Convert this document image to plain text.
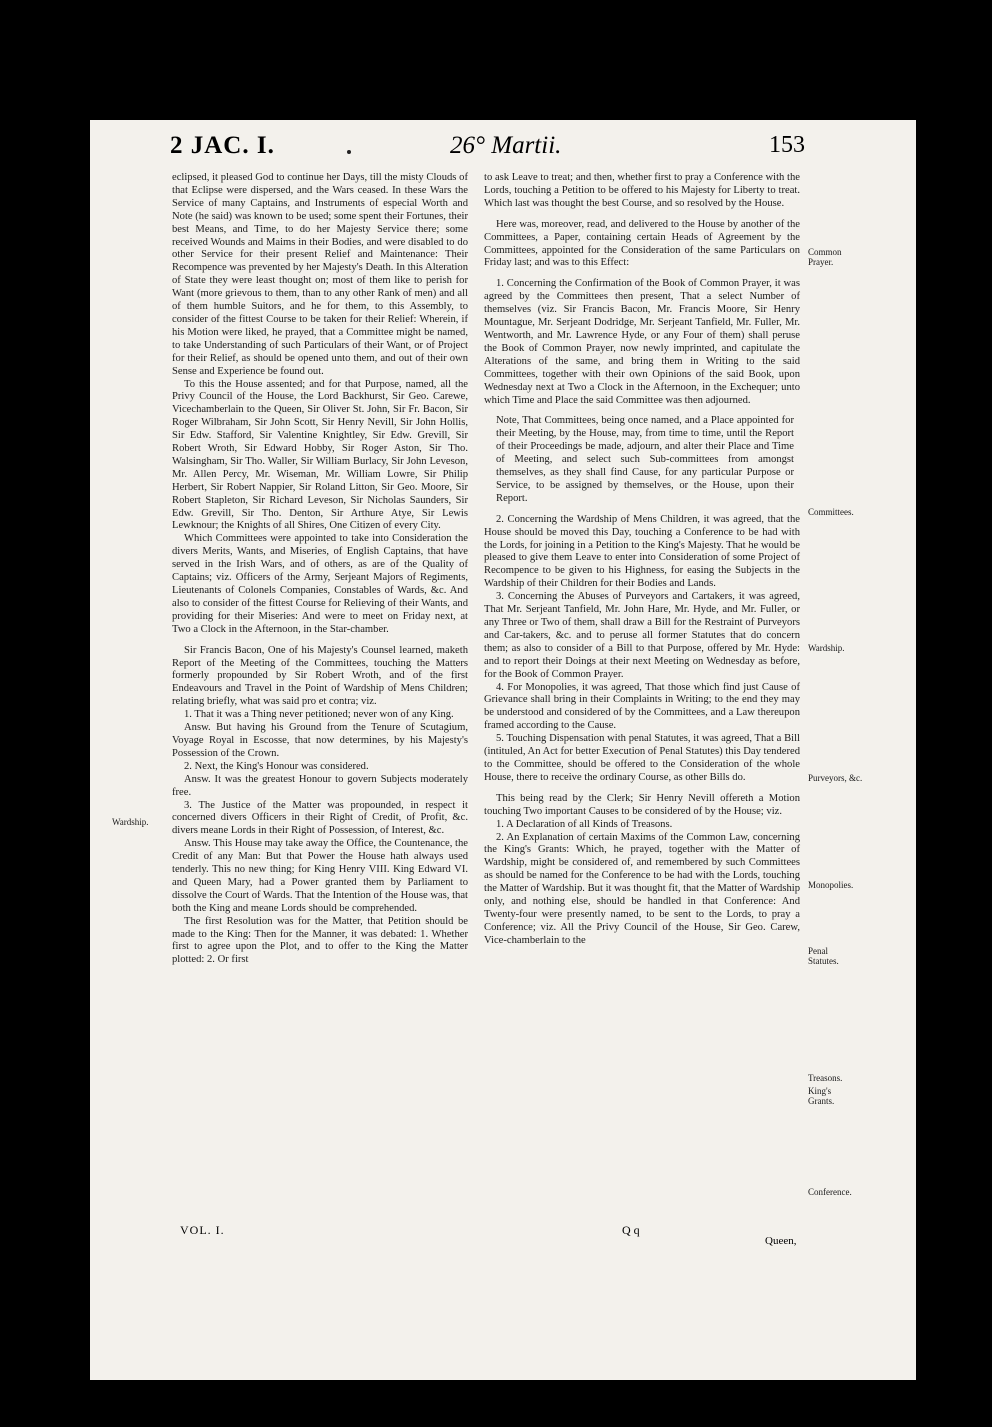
2 JAC. I.	26° Martii.	153

eclipsed, it pleased God to continue her Days, till the misty Clouds of that Eclipse were dispersed, and the Wars ceased. In these Wars the Service of many Captains, and Instruments of especial Worth and Note (he said) was known to be used; some spent their Fortunes, their best Means, and Time, to do her Majesty Service there; some received Wounds and Maims in their Bodies, and were disabled to do other Service for their present Relief and Maintenance: Their Recompence was prevented by her Majesty's Death. In this Alteration of State they were least thought on; most of them like to perish for Want (more grievous to them, than to any other Rank of men) and all of them humble Suitors, and he for them, to this Assembly, to consider of the fittest Course to be taken for their Relief: Wherein, if his Motion were liked, he prayed, that a Committee might be named, to take Understanding of such Particulars of their Want, or of Project for their Relief, as should be opened unto them, and out of their own Sense and Experience be found out.

To this the House assented; and for that Purpose, named, all the Privy Council of the House, the Lord Backhurst, Sir Geo. Carewe, Vicechamberlain to the Queen, Sir Oliver St. John, Sir Fr. Bacon, Sir Roger Wilbraham, Sir John Scott, Sir Henry Nevill, Sir John Hollis, Sir Edw. Stafford, Sir Valentine Knightley, Sir Edw. Grevill, Sir Robert Wroth, Sir Edward Hobby, Sir Roger Aston, Sir Tho. Walsingham, Sir Tho. Waller, Sir William Burlacy, Sir John Leveson, Mr. Allen Percy, Mr. Wiseman, Mr. William Lowre, Sir Philip Herbert, Sir Robert Nappier, Sir Roland Litton, Sir Geo. Moore, Sir Robert Stapleton, Sir Richard Leveson, Sir Nicholas Saunders, Sir Edw. Grevill, Sir Tho. Denton, Sir Arthure Atye, Sir Lewis Lewknour; the Knights of all Shires, One Citizen of every City.

Which Committees were appointed to take into Consideration the divers Merits, Wants, and Miseries, of English Captains, that have served in the Irish Wars, and of others, as are of the Quality of Captains; viz. Officers of the Army, Serjeant Majors of Regiments, Lieutenants of Colonels Companies, Constables of Wards, &c. And also to consider of the fittest Course for Relieving of their Wants, and providing for their Miseries: And were to meet on Friday next, at Two a Clock in the Afternoon, in the Star-chamber.

Sir Francis Bacon, One of his Majesty's Counsel learned, maketh Report of the Meeting of the Committees, touching the Matters formerly propounded by Sir Robert Wroth, and of the first Endeavours and Travel in the Point of Wardship of Mens Children; relating briefly, what was said pro et contra; viz.

1. That it was a Thing never petitioned; never won of any King.

Answ. But having his Ground from the Tenure of Scutagium, Voyage Royal in Escosse, that now determines, by his Majesty's Possession of the Crown.

2. Next, the King's Honour was considered.

Answ. It was the greatest Honour to govern Subjects moderately free.

3. The Justice of the Matter was propounded, in respect it concerned divers Officers in their Right of Credit, of Profit, &c. divers meane Lords in their Right of Possession, of Interest, &c.

Answ. This House may take away the Office, the Countenance, the Credit of any Man: But that Power the House hath always used tenderly. This no new thing; for King Henry VIII. King Edward VI. and Queen Mary, had a Power granted them by Parliament to dissolve the Court of Wards. That the Intention of the House was, that both the King and meane Lords should be comprehended.

The first Resolution was for the Matter, that Petition should be made to the King: Then for the Manner, it was debated: 1. Whether first to agree upon the Plot, and to offer to the King the Matter plotted: 2. Or first

to ask Leave to treat; and then, whether first to pray a Conference with the Lords, touching a Petition to be offered to his Majesty for Liberty to treat. Which last was thought the best Course, and so resolved by the House.

Here was, moreover, read, and delivered to the House by another of the Committees, a Paper, containing certain Heads of Agreement by the Committees, appointed for the Consideration of the same Particulars on Friday last; and was to this Effect:

1. Concerning the Confirmation of the Book of Common Prayer, it was agreed by the Committees then present, That a select Number of themselves (viz. Sir Francis Bacon, Mr. Francis Moore, Sir Henry Mountague, Mr. Serjeant Dodridge, Mr. Serjeant Tanfield, Mr. Fuller, Mr. Wentworth, and Mr. Lawrence Hyde, or any Four of them) shall peruse the Book of Common Prayer, now newly imprinted, and capitulate the Alterations of the same, and bring them in Writing to the said Committees, together with their own Opinions of the said Book, upon Wednesday next at Two a Clock in the Afternoon, in the Exchequer; unto which Time and Place the said Committee was then adjourned.

Note, That Committees, being once named, and a Place appointed for their Meeting, by the House, may, from time to time, until the Report of their Proceedings be made, adjourn, and alter their Place and Time of Meeting, and select such Sub-committees from amongst themselves, as they shall find Cause, for any particular Purpose or Service, to be assigned by themselves, or the House, upon their Report.

2. Concerning the Wardship of Mens Children, it was agreed, that the House should be moved this Day, touching a Conference to be had with the Lords, for joining in a Petition to the King's Majesty. That he would be pleased to give them Leave to enter into Consideration of some Project of Recompence to be given to his Highness, for easing the Subjects in the Wardship of their Children for their Bodies and Lands.

3. Concerning the Abuses of Purveyors and Cartakers, it was agreed, That Mr. Serjeant Tanfield, Mr. John Hare, Mr. Hyde, and Mr. Fuller, or any Three or Two of them, shall draw a Bill for the Restraint of Purveyors and Car-takers, &c. and to peruse all former Statutes that do concern them; as also to consider of a Bill to that Purpose, offered by Mr. Hyde: and to report their Doings at their next Meeting on Wednesday as before, for the Book of Common Prayer.

4. For Monopolies, it was agreed, That those which find just Cause of Grievance shall bring in their Complaints in Writing; to the end they may be understood and considered of by the Committees, and a Law thereupon framed according to the Cause.

5. Touching Dispensation with penal Statutes, it was agreed, That a Bill (intituled, An Act for better Execution of Penal Statutes) this Day tendered to the Committee, should be offered to the Consideration of the whole House, there to receive the ordinary Course, as other Bills do.

This being read by the Clerk; Sir Henry Nevill offereth a Motion touching Two important Causes to be considered of by the House; viz.

1. A Declaration of all Kinds of Treasons.

2. An Explanation of certain Maxims of the Common Law, concerning the King's Grants: Which, he prayed, together with the Matter of Wardship, might be considered of, and remembered by such Committees as should be named for the Conference to be had with the Lords, touching the Matter of Wardship. But it was thought fit, that the Matter of Wardship only, and nothing else, should be handled in that Conference: And Twenty-four were presently named, to be sent to the Lords, to pray a Conference; viz. All the Privy Council of the House, Sir Geo. Carew, Vice-chamberlain to the

Wardship.
Common Prayer.
Committees.
Wardship.
Purveyors, &c.
Monopolies.
Penal Statutes.
Treasons.
King's Grants.
Conference.
VOL. I.	Q q
Queen,
